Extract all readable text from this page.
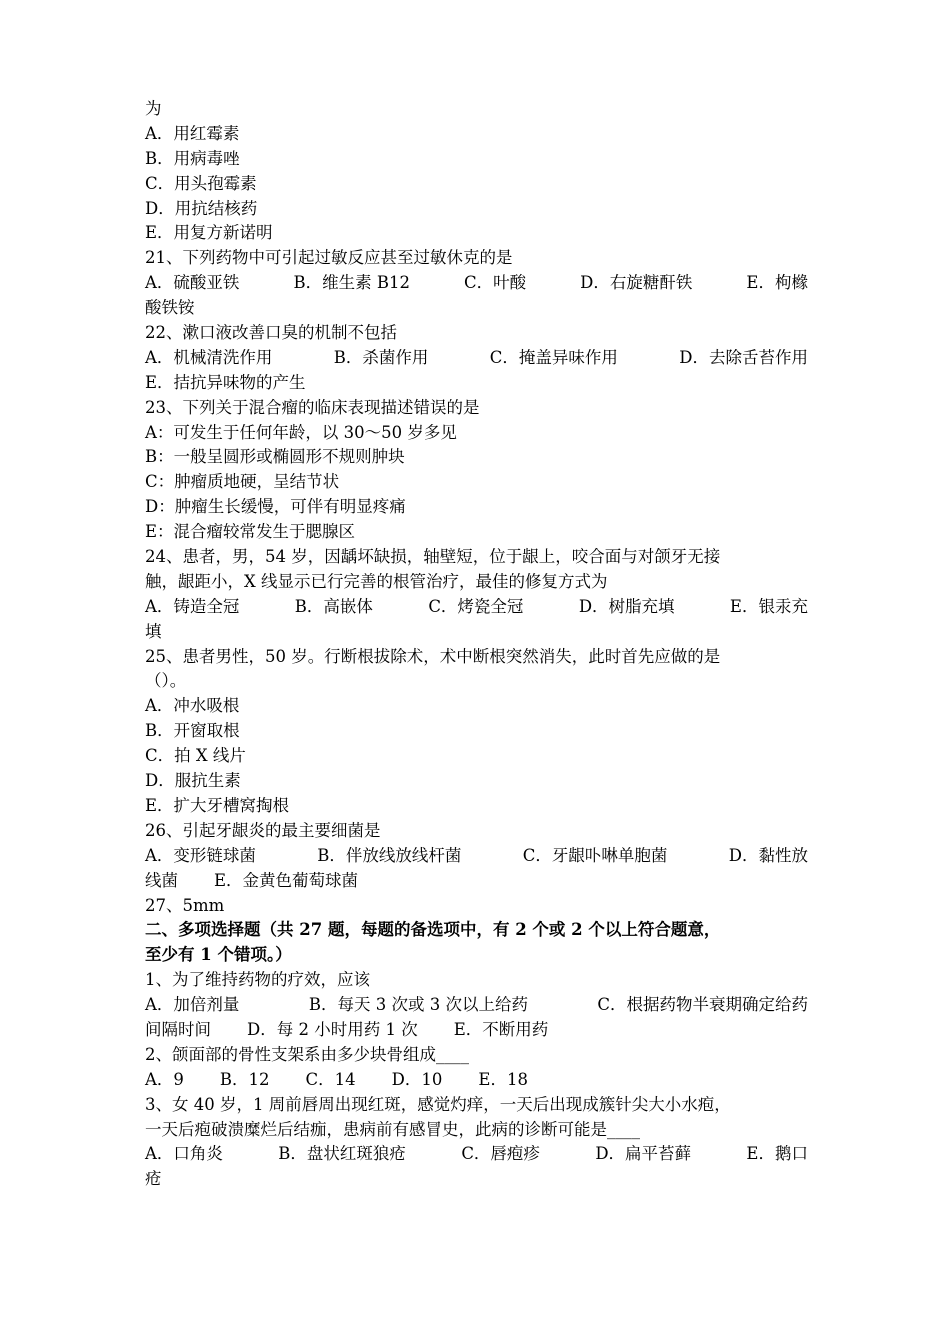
为
A．用红霉素
B．用病毒唑
C．用头孢霉素
D．用抗结核药
E．用复方新诺明
21、下列药物中可引起过敏反应甚至过敏休克的是
A．硫酸亚铁	B．维生素 B12	C．叶酸	D．右旋糖酐铁	E．枸橼
酸铁铵
22、漱口液改善口臭的机制不包括
A．机械清洗作用	B．杀菌作用	C．掩盖异味作用	D．去除舌苔作用
E．拮抗异味物的产生
23、下列关于混合瘤的临床表现描述错误的是
A：可发生于任何年龄，以 30～50 岁多见
B：一般呈圆形或椭圆形不规则肿块
C：肿瘤质地硬，呈结节状
D：肿瘤生长缓慢，可伴有明显疼痛
E：混合瘤较常发生于腮腺区
24、患者，男，54 岁，因龋坏缺损，轴壁短，位于龈上，咬合面与对颌牙无接
触，龈距小，X 线显示已行完善的根管治疗，最佳的修复方式为
A．铸造全冠	B．高嵌体	C．烤瓷全冠	D．树脂充填	E．银汞充
填
25、患者男性，50 岁。行断根拔除术，术中断根突然消失，此时首先应做的是
（）。
A．冲水吸根
B．开窗取根
C．拍 X 线片
D．服抗生素
E．扩大牙槽窝掏根
26、引起牙龈炎的最主要细菌是
A．变形链球菌	B．伴放线放线杆菌	C．牙龈卟啉单胞菌	D．黏性放
线菌 E．金黄色葡萄球菌
27、5mm
二、多项选择题（共 27 题，每题的备选项中，有 2 个或 2 个以上符合题意，
至少有 1 个错项。）
1、为了维持药物的疗效，应该
A．加倍剂量	B．每天 3 次或 3 次以上给药	C．根据药物半衰期确定给药
间隔时间 D．每 2 小时用药 1 次 E．不断用药
2、颌面部的骨性支架系由多少块骨组成____
A．9 B．12 C．14 D．10 E．18
3、女 40 岁，1 周前唇周出现红斑，感觉灼痒，一天后出现成簇针尖大小水疱，
一天后疱破溃糜烂后结痂，患病前有感冒史，此病的诊断可能是____
A．口角炎	B．盘状红斑狼疮	C．唇疱疹	D．扁平苔藓	E．鹅口
疮
